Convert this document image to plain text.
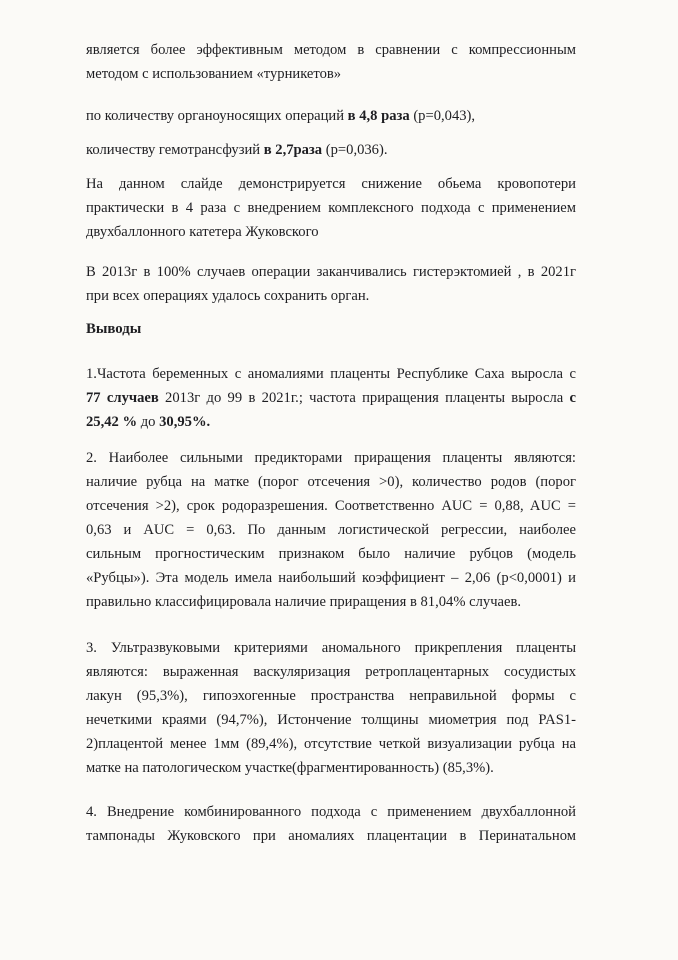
является более эффективным методом в сравнении с компрессионным
методом с использованием «турникетов»

по количеству органоуносящих операций в 4,8 раза (p=0,043),

количеству гемотрансфузий в 2,7раза (p=0,036).

На данном слайде демонстрируется снижение обьема кровопотери
практически в 4 раза с внедрением комплексного подхода с применением
двухбаллонного катетера Жуковского

В 2013г в 100% случаев операции заканчивались гистерэктомией , в 2021г
при всех операциях удалось сохранить орган.

Выводы

1.Частота беременных с аномалиями плаценты Республике Саха выросла с
77 случаев 2013г до 99 в 2021г.; частота приращения плаценты выросла с
25,42 % до 30,95%.

2. Наиболее сильными предикторами приращения плаценты являются:
наличие рубца на матке (порог отсечения >0), количество родов (порог
отсечения >2), срок родоразрешения. Соответственно AUC = 0,88, AUC =
0,63 и AUC = 0,63. По данным логистической регрессии, наиболее
сильным прогностическим признаком было наличие рубцов (модель
«Рубцы»). Эта модель имела наибольший коэффициент – 2,06 (p<0,0001) и
правильно классифицировала наличие приращения в 81,04% случаев.

3. Ультразвуковыми критериями аномального прикрепления плаценты
являются: выраженная васкуляризация ретроплацентарных сосудистых
лакун (95,3%), гипоэхогенные пространства неправильной формы с
нечеткими краями (94,7%), Истончение толщины миометрия под PAS1-
2)плацентой менее 1мм (89,4%), отсутствие четкой визуализации рубца на
матке на патологическом участке(фрагментированность) (85,3%).

4. Внедрение комбинированного подхода с применением двухбаллонной
тампонады Жуковского при аномалиях плацентации в Перинатальном
